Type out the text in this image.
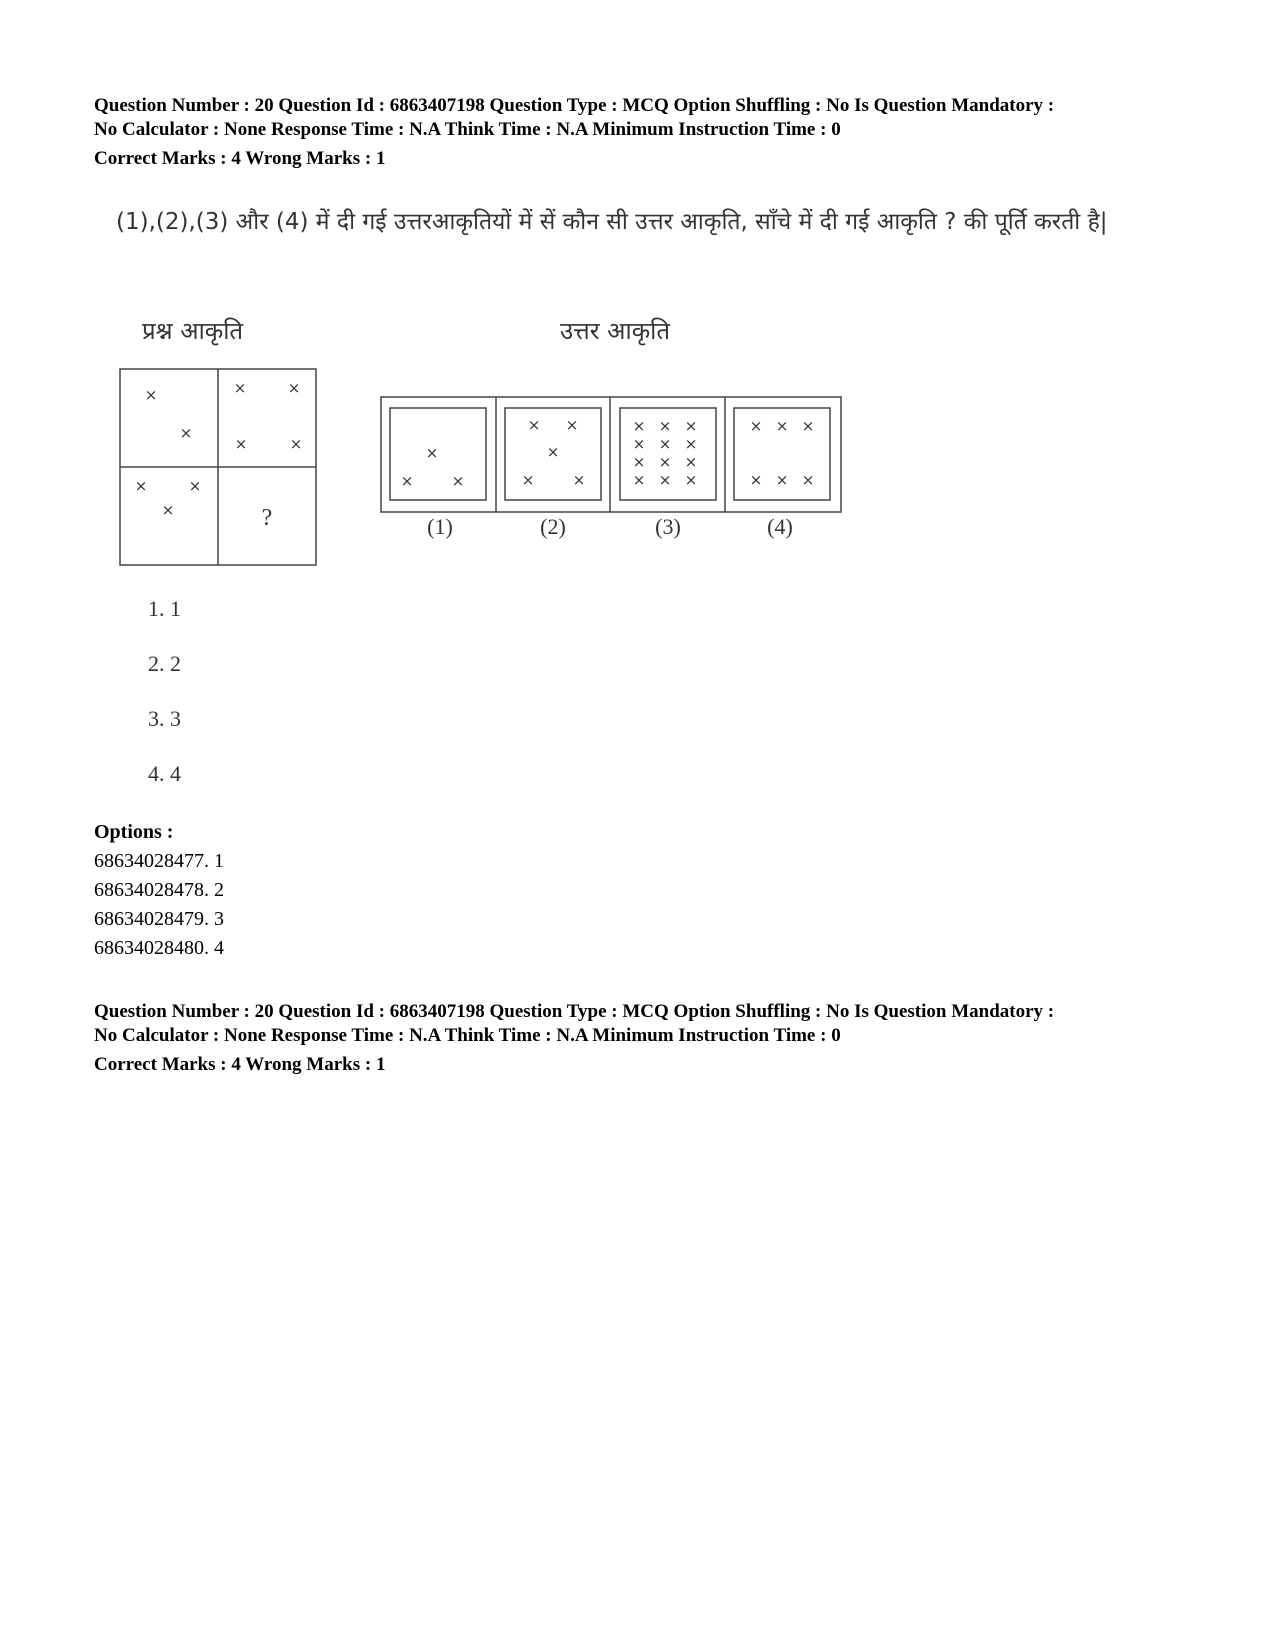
Question Number : 20 Question Id : 6863407198 Question Type : MCQ Option Shuffling : No Is Question Mandatory :
No Calculator : None Response Time : N.A Think Time : N.A Minimum Instruction Time : 0
Correct Marks : 4 Wrong Marks : 1
(1),(2),(3) और (4) में दी गई उत्तरआकृतियों में सें कौन सी उत्तर आकृति, साँचे में दी गई आकृति ? की पूर्ति करती है|
प्रश्न आकृति	उत्तर आकृति
×
×
×	×
×	×
×	×
×	?
×
×	×
× ×
×
×	×
× × ×
× × ×
× × ×
× × ×
× × ×
× × ×
(1)	(2)	(3)	(4)
1. 1
2. 2
3. 3
4. 4
Options :
68634028477. 1
68634028478. 2
68634028479. 3
68634028480. 4
Question Number : 20 Question Id : 6863407198 Question Type : MCQ Option Shuffling : No Is Question Mandatory :
No Calculator : None Response Time : N.A Think Time : N.A Minimum Instruction Time : 0
Correct Marks : 4 Wrong Marks : 1
